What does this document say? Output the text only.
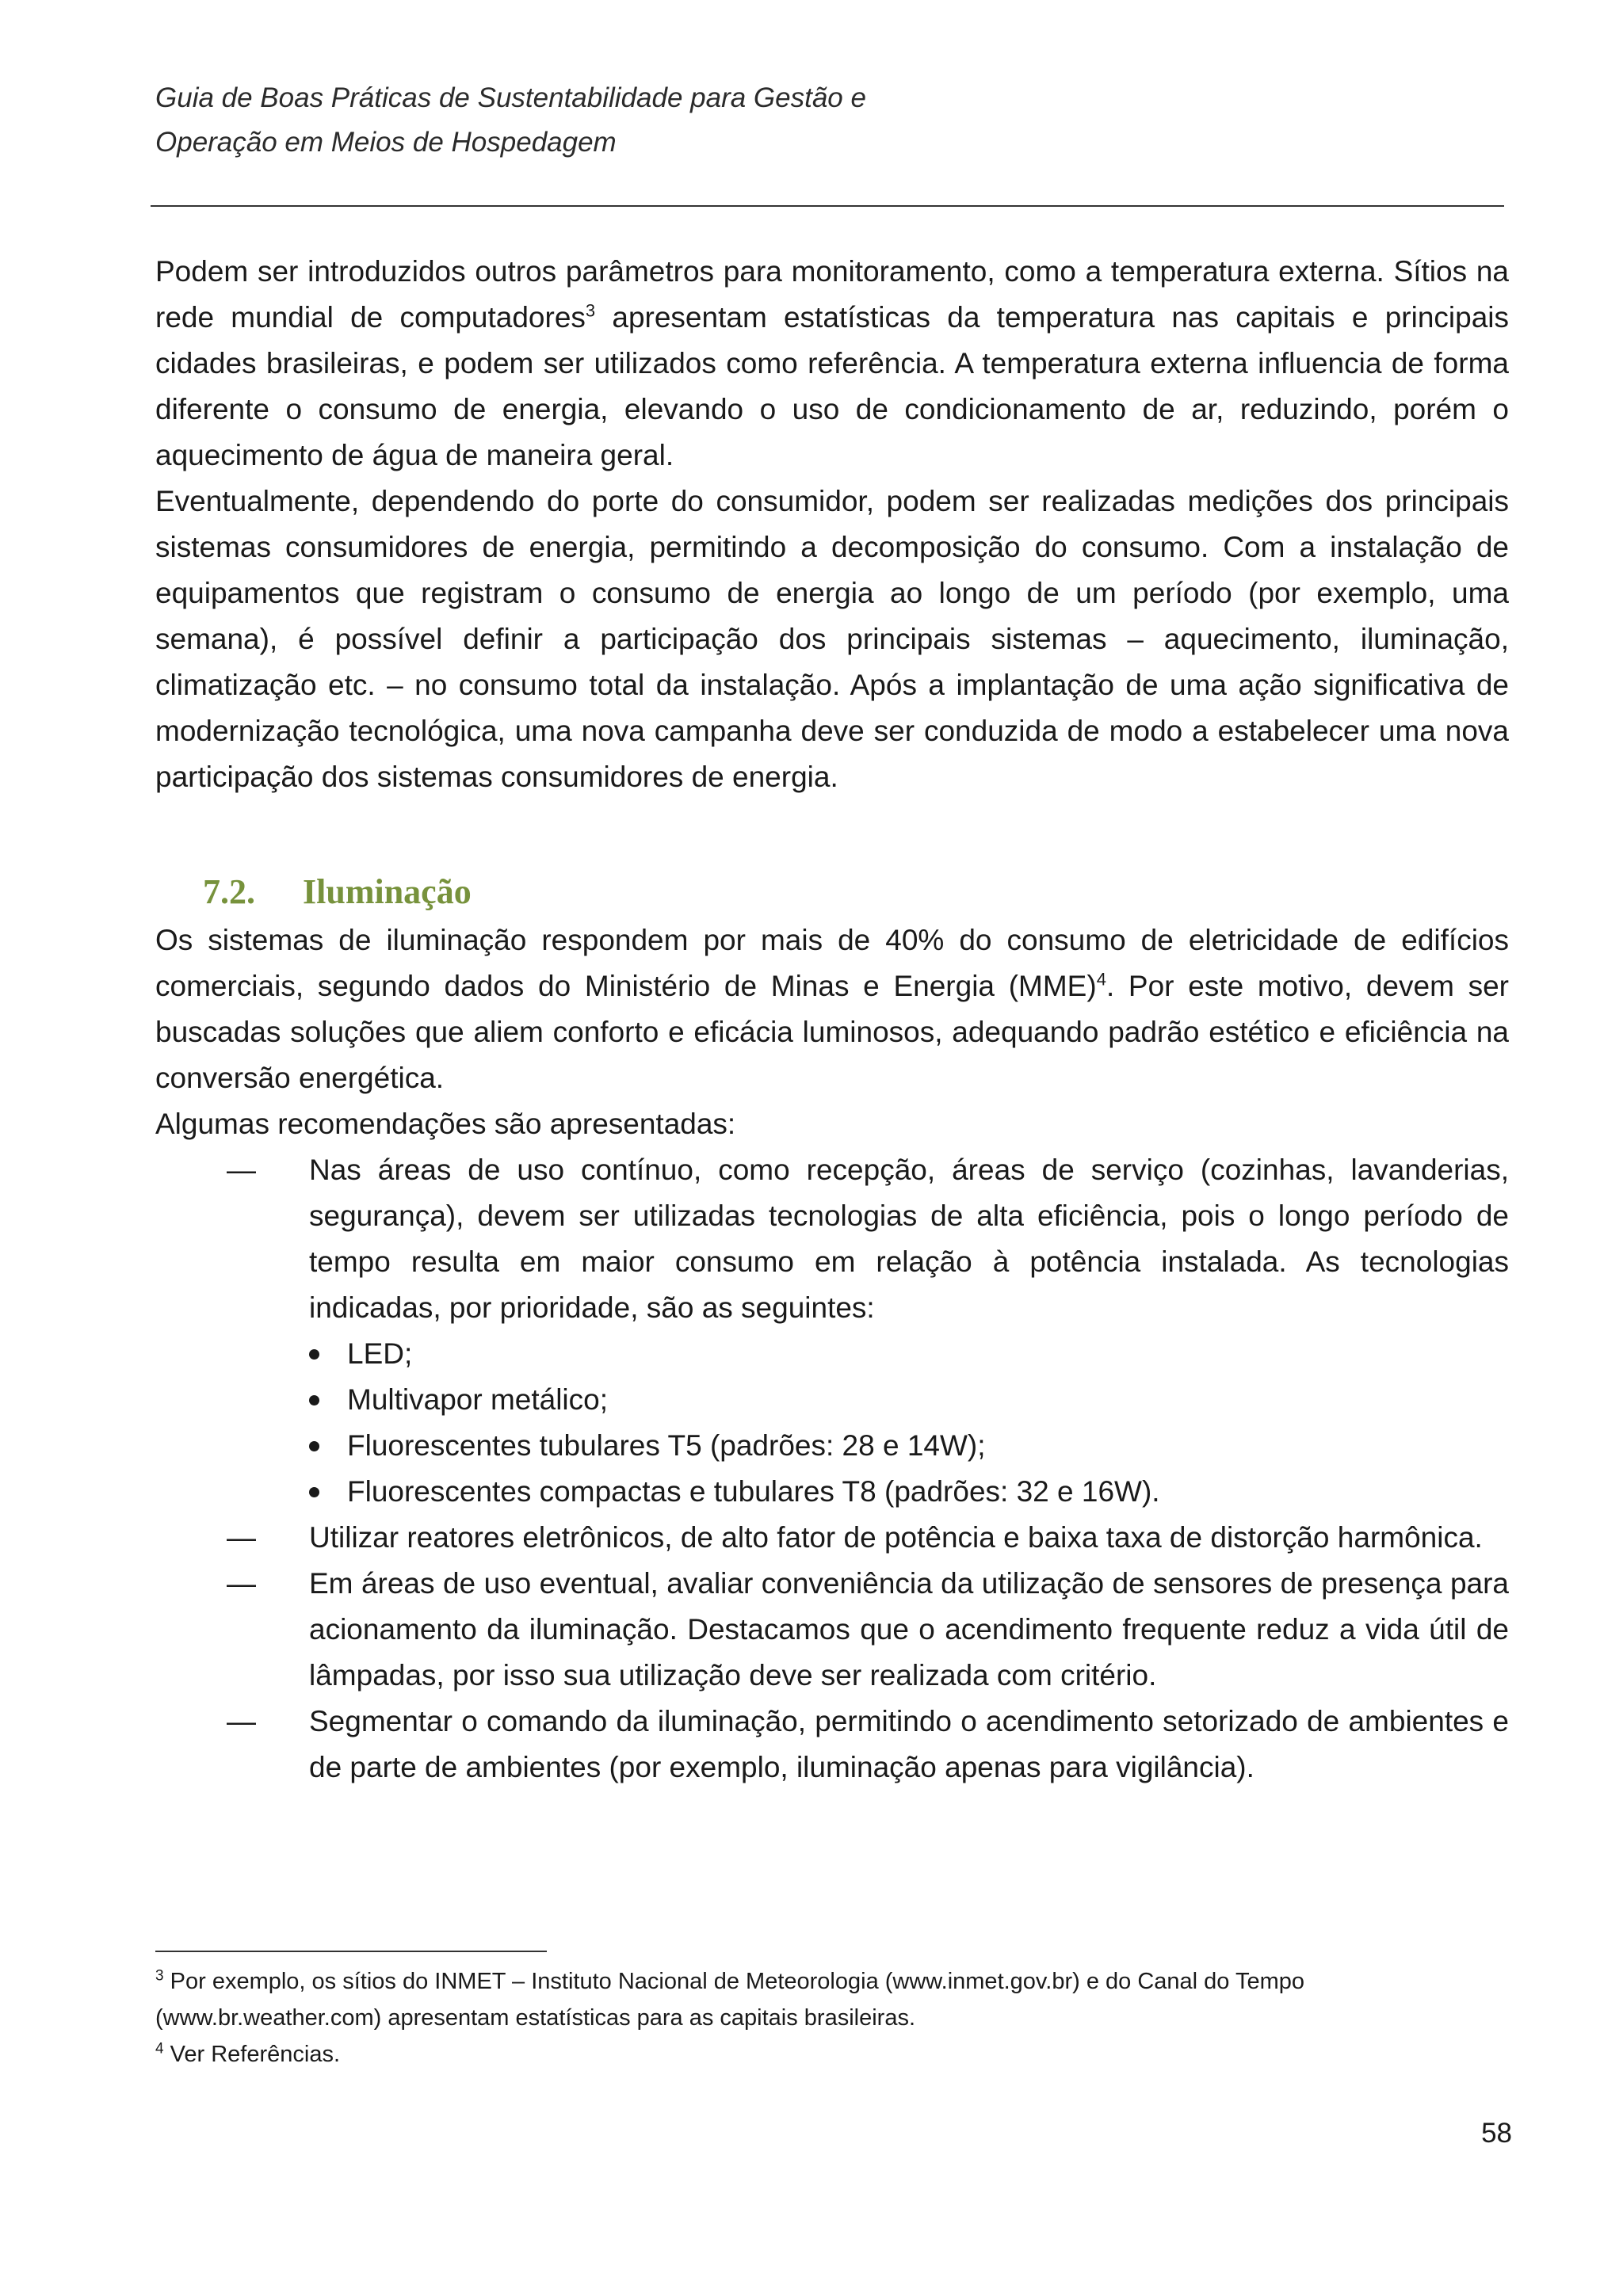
Guia de Boas Práticas de Sustentabilidade para Gestão e
Operação em Meios de Hospedagem

Podem ser introduzidos outros parâmetros para monitoramento, como a temperatura externa. Sítios na rede mundial de computadores$^3$ apresentam estatísticas da temperatura nas capitais e principais cidades brasileiras, e podem ser utilizados como referência. A temperatura externa influencia de forma diferente o consumo de energia, elevando o uso de condicionamento de ar, reduzindo, porém o aquecimento de água de maneira geral.

Eventualmente, dependendo do porte do consumidor, podem ser realizadas medições dos principais sistemas consumidores de energia, permitindo a decomposição do consumo. Com a instalação de equipamentos que registram o consumo de energia ao longo de um período (por exemplo, uma semana), é possível definir a participação dos principais sistemas – aquecimento, iluminação, climatização etc. – no consumo total da instalação. Após a implantação de uma ação significativa de modernização tecnológica, uma nova campanha deve ser conduzida de modo a estabelecer uma nova participação dos sistemas consumidores de energia.

7.2. Iluminação

Os sistemas de iluminação respondem por mais de 40% do consumo de eletricidade de edifícios comerciais, segundo dados do Ministério de Minas e Energia (MME)$^4$. Por este motivo, devem ser buscadas soluções que aliem conforto e eficácia luminosos, adequando padrão estético e eficiência na conversão energética.

Algumas recomendações são apresentadas:

— Nas áreas de uso contínuo, como recepção, áreas de serviço (cozinhas, lavanderias, segurança), devem ser utilizadas tecnologias de alta eficiência, pois o longo período de tempo resulta em maior consumo em relação à potência instalada. As tecnologias indicadas, por prioridade, são as seguintes:
LED;
Multivapor metálico;
Fluorescentes tubulares T5 (padrões: 28 e 14W);
Fluorescentes compactas e tubulares T8 (padrões: 32 e 16W).
— Utilizar reatores eletrônicos, de alto fator de potência e baixa taxa de distorção harmônica.
— Em áreas de uso eventual, avaliar conveniência da utilização de sensores de presença para acionamento da iluminação. Destacamos que o acendimento frequente reduz a vida útil de lâmpadas, por isso sua utilização deve ser realizada com critério.
— Segmentar o comando da iluminação, permitindo o acendimento setorizado de ambientes e de parte de ambientes (por exemplo, iluminação apenas para vigilância).

$^3$ Por exemplo, os sítios do INMET – Instituto Nacional de Meteorologia (www.inmet.gov.br) e do Canal do Tempo (www.br.weather.com) apresentam estatísticas para as capitais brasileiras.

$^4$ Ver Referências.

58
